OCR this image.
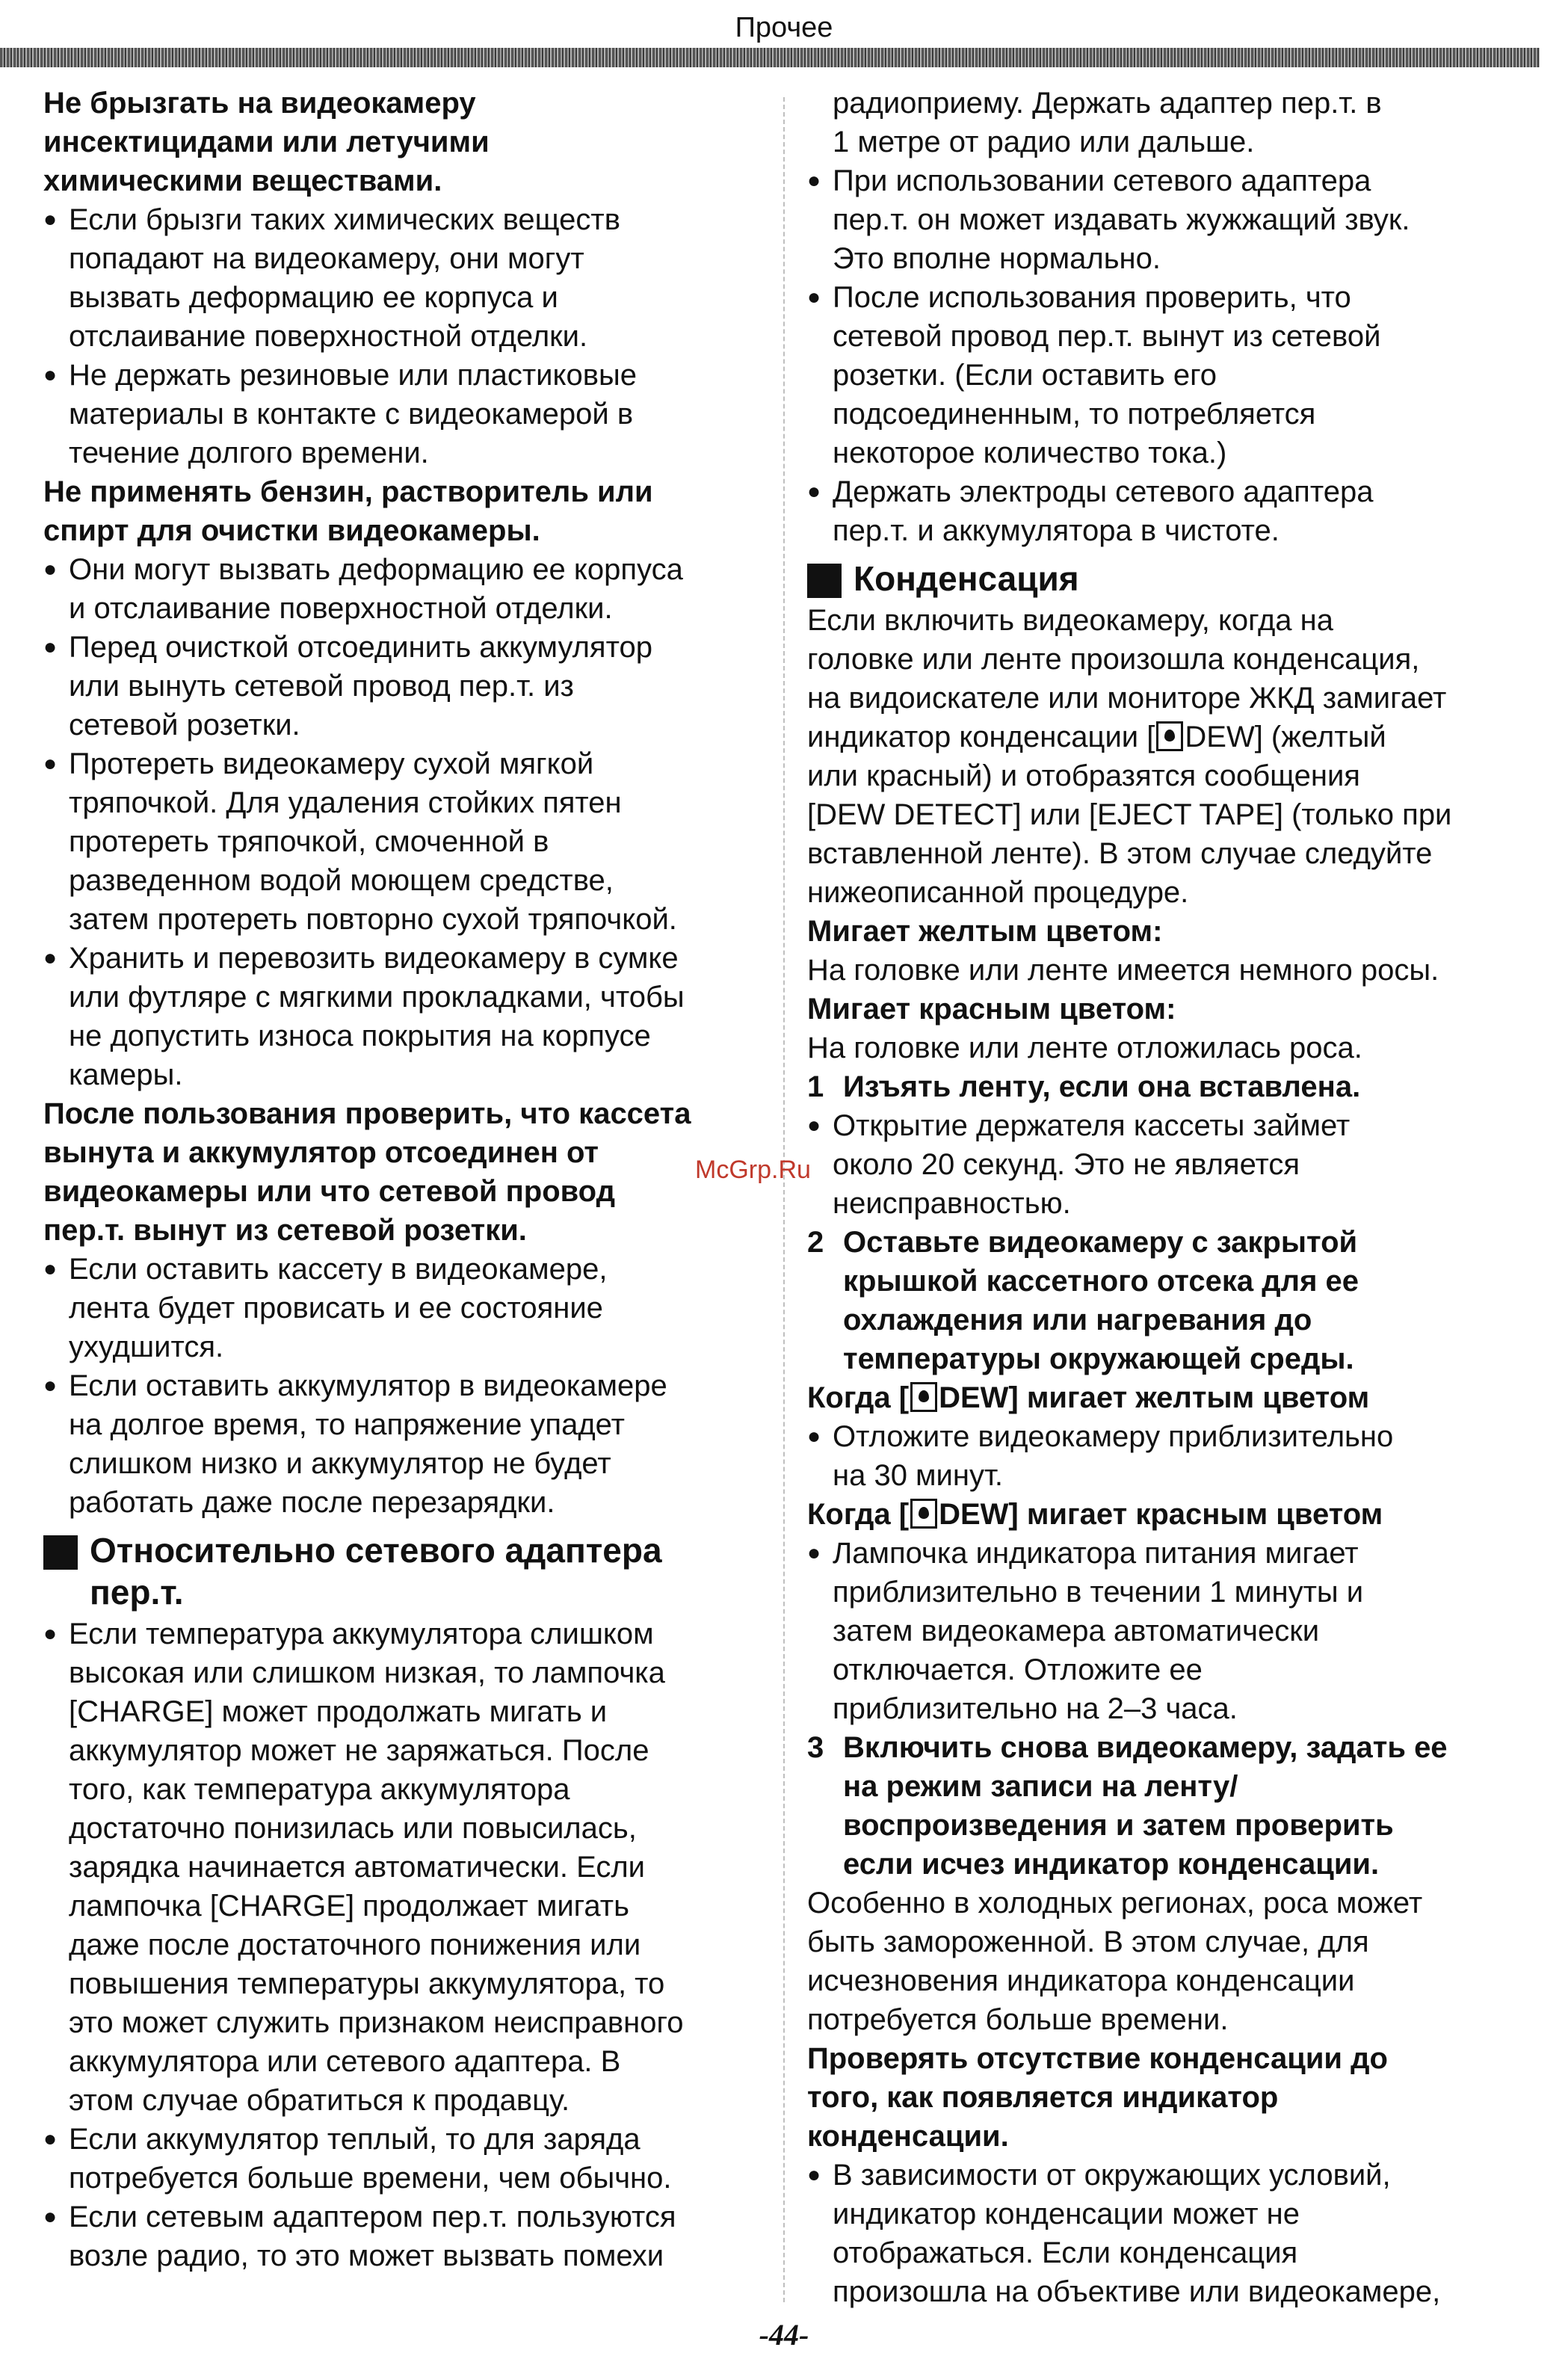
Прочее

Не брызгать на видеокамеру
инсектицидами или летучими
химическими веществами.

● Если брызги таких химических веществ
попадают на видеокамеру, они могут
вызвать деформацию ее корпуса и
отслаивание поверхностной отделки.

● Не держать резиновые или пластиковые
материалы в контакте с видеокамерой в
течение долгого времени.

Не применять бензин, растворитель или
спирт для очистки видеокамеры.

● Они могут вызвать деформацию ее корпуса
и отслаивание поверхностной отделки.

● Перед очисткой отсоединить аккумулятор
или вынуть сетевой провод пер.т. из
сетевой розетки.

● Протереть видеокамеру сухой мягкой
тряпочкой. Для удаления стойких пятен
протереть тряпочкой, смоченной в
разведенном водой моющем средстве,
затем протереть повторно сухой тряпочкой.

● Хранить и перевозить видеокамеру в сумке
или футляре с мягкими прокладками, чтобы
не допустить износа покрытия на корпусе
камеры.

После пользования проверить, что кассета
вынута и аккумулятор отсоединен от
видеокамеры или что сетевой провод
пер.т. вынут из сетевой розетки.

● Если оставить кассету в видеокамере,
лента будет провисать и ее состояние
ухудшится.

● Если оставить аккумулятор в видеокамере
на долгое время, то напряжение упадет
слишком низко и аккумулятор не будет
работать даже после перезарядки.

Относительно сетевого адаптера
пер.т.

● Если температура аккумулятора слишком
высокая или слишком низкая, то лампочка
[CHARGE] может продолжать мигать и
аккумулятор может не заряжаться. После
того, как температура аккумулятора
достаточно понизилась или повысилась,
зарядка начинается автоматически. Если
лампочка [CHARGE] продолжает мигать
даже после достаточного понижения или
повышения температуры аккумулятора, то
это может служить признаком неисправного
аккумулятора или сетевого адаптера. В
этом случае обратиться к продавцу.

● Если аккумулятор теплый, то для заряда
потребуется больше времени, чем обычно.

● Если сетевым адаптером пер.т. пользуются
возле радио, то это может вызвать помехи

радиоприему. Держать адаптер пер.т. в
1 метре от радио или дальше.

● При использовании сетевого адаптера
пер.т. он может издавать жужжащий звук.
Это вполне нормально.

● После использования проверить, что
сетевой провод пер.т. вынут из сетевой
розетки. (Если оставить его
подсоединенным, то потребляется
некоторое количество тока.)

● Держать электроды сетевого адаптера
пер.т. и аккумулятора в чистоте.

Конденсация

Если включить видеокамеру, когда на
головке или ленте произошла конденсация,
на видоискателе или мониторе ЖКД замигает
индикатор конденсации [ DEW] (желтый
или красный) и отобразятся сообщения
[DEW DETECT] или [EJECT TAPE] (только при
вставленной ленте). В этом случае следуйте
нижеописанной процедуре.

Мигает желтым цветом:

На головке или ленте имеется немного росы.

Мигает красным цветом:

На головке или ленте отложилась роса.

1 Изъять ленту, если она вставлена.

● Открытие держателя кассеты займет
около 20 секунд. Это не является
неисправностью.

2 Оставьте видеокамеру с закрытой
крышкой кассетного отсека для ее
охлаждения или нагревания до
температуры окружающей среды.

Когда [ DEW] мигает желтым цветом

● Отложите видеокамеру приблизительно
на 30 минут.

Когда [ DEW] мигает красным цветом

● Лампочка индикатора питания мигает
приблизительно в течении 1 минуты и
затем видеокамера автоматически
отключается. Отложите ее
приблизительно на 2–3 часа.

3 Включить снова видеокамеру, задать ее
на режим записи на ленту/
воспроизведения и затем проверить
если исчез индикатор конденсации.

Особенно в холодных регионах, роса может
быть замороженной. В этом случае, для
исчезновения индикатора конденсации
потребуется больше времени.

Проверять отсутствие конденсации до
того, как появляется индикатор
конденсации.

● В зависимости от окружающих условий,
индикатор конденсации может не
отображаться. Если конденсация
произошла на объективе или видеокамере,

McGrp.Ru
-44-
